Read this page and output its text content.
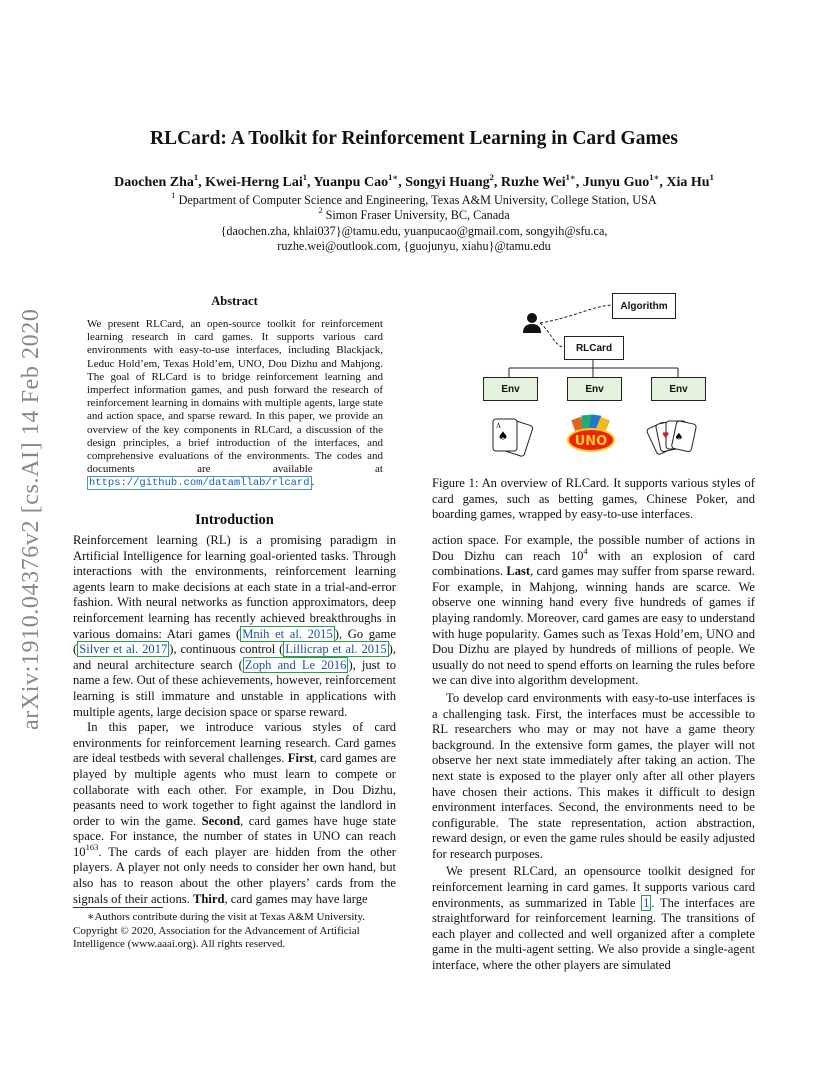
RLCard: A Toolkit for Reinforcement Learning in Card Games
Daochen Zha$^1$, Kwei-Herng Lai$^1$, Yuanpu Cao$^{1∗}$, Songyi Huang$^2$, Ruzhe Wei$^{1∗}$, Junyu Guo$^{1∗}$, Xia Hu$^1$
$^1$ Department of Computer Science and Engineering, Texas A&M University, College Station, USA
$^2$ Simon Fraser University, BC, Canada
{daochen.zha, khlai037}@tamu.edu, yuanpucao@gmail.com, songyih@sfu.ca,
ruzhe.wei@outlook.com, {guojunyu, xiahu}@tamu.edu
arXiv:1910.04376v2 [cs.AI] 14 Feb 2020
Abstract
We present RLCard, an open-source toolkit for reinforcement learning research in card games. It supports various card environments with easy-to-use interfaces, including Blackjack, Leduc Hold’em, Texas Hold’em, UNO, Dou Dizhu and Mahjong. The goal of RLCard is to bridge reinforcement learning and imperfect information games, and push forward the research of reinforcement learning in domains with multiple agents, large state and action space, and sparse reward. In this paper, we provide an overview of the key components in RLCard, a discussion of the design principles, a brief introduction of the interfaces, and comprehensive evaluations of the environments. The codes and documents are available at https://github.com/datamllab/rlcard .
Introduction

Reinforcement learning (RL) is a promising paradigm in Artificial Intelligence for learning goal-oriented tasks. Through interactions with the environments, reinforcement learning agents learn to make decisions at each state in a trial-and-error fashion. With neural networks as function approximators, deep reinforcement learning has recently achieved breakthroughs in various domains: Atari games ( Mnih et al. 2015 ), Go game ( Silver et al. 2017 ), continuous control ( Lillicrap et al. 2015 ), and neural architecture search ( Zoph and Le 2016 ), just to name a few. Out of these achievements, however, reinforcement learning is still immature and unstable in applications with multiple agents, large decision space or sparse reward.

In this paper, we introduce various styles of card environments for reinforcement learning research. Card games are ideal testbeds with several challenges. First, card games are played by multiple agents who must learn to compete or collaborate with each other. For example, in Dou Dizhu, peasants need to work together to fight against the landlord in order to win the game. Second, card games have huge state space. For instance, the number of states in UNO can reach $10^{163}$. The cards of each player are hidden from the other players. A player not only needs to consider her own hand, but also has to reason about the other players’ cards from the signals of their actions. Third, card games may have large

∗Authors contribute during the visit at Texas A&M University.
Copyright © 2020, Association for the Advancement of Artificial Intelligence (www.aaai.org). All rights reserved.
♠
A
UNO	♠
♥
Algorithm
RLCard
Env	Env	Env
Figure 1: An overview of RLCard. It supports various styles of card games, such as betting games, Chinese Poker, and boarding games, wrapped by easy-to-use interfaces.

action space. For example, the possible number of actions in Dou Dizhu can reach $10^4$ with an explosion of card combinations. Last, card games may suffer from sparse reward. For example, in Mahjong, winning hands are scarce. We observe one winning hand every five hundreds of games if playing randomly. Moreover, card games are easy to understand with huge popularity. Games such as Texas Hold’em, UNO and Dou Dizhu are played by hundreds of millions of people. We usually do not need to spend efforts on learning the rules before we can dive into algorithm development.

To develop card environments with easy-to-use interfaces is a challenging task. First, the interfaces must be accessible to RL researchers who may or may not have a game theory background. In the extensive form games, the player will not observe her next state immediately after taking an action. The next state is exposed to the player only after all other players have chosen their actions. This makes it difficult to design environment interfaces. Second, the environments need to be configurable. The state representation, action abstraction, reward design, or even the game rules should be easily adjusted for research purposes.

We present RLCard, an opensource toolkit designed for reinforcement learning in card games. It supports various card environments, as summarized in Table 1 . The interfaces are straightforward for reinforcement learning. The transitions of each player and collected and well organized after a complete game in the multi-agent setting. We also provide a single-agent interface, where the other players are simulated
